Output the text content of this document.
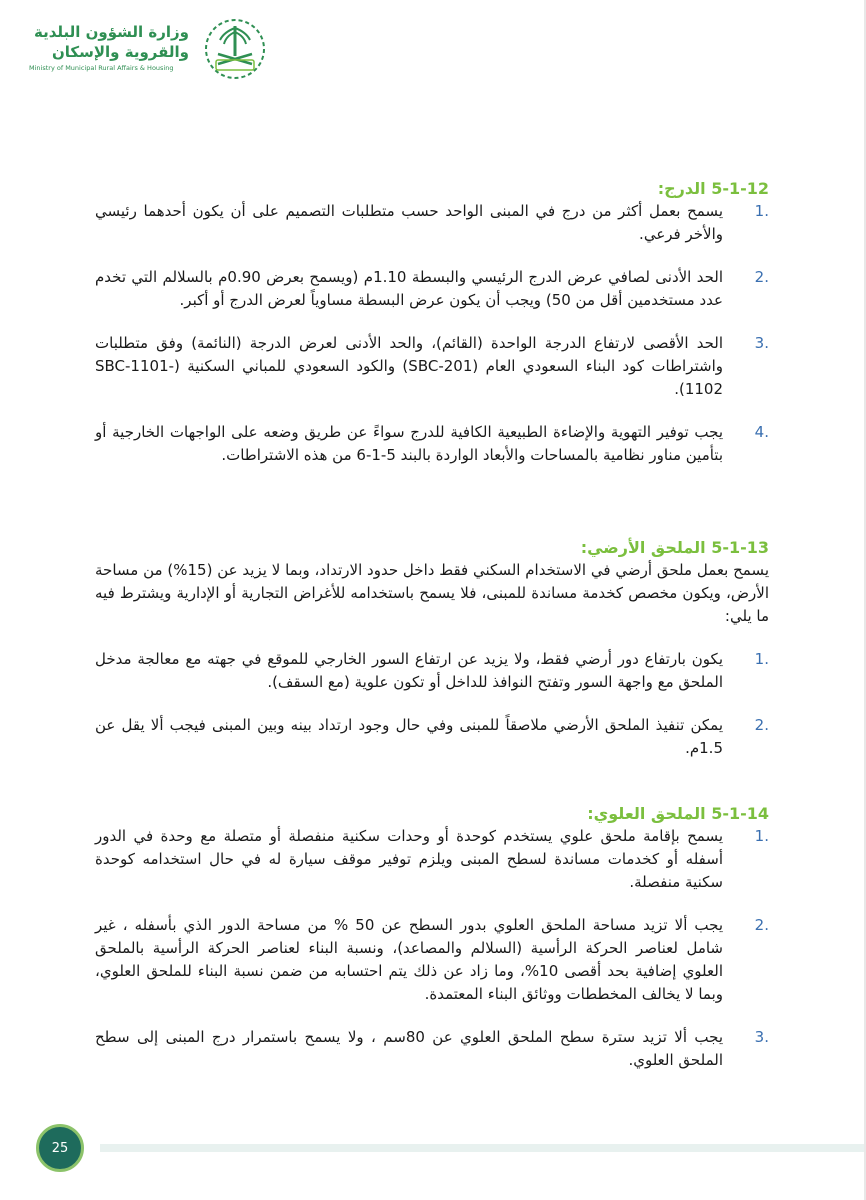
وزارة الشؤون البلدية
والقروية والإسكان
Ministry of Municipal Rural Affairs & Housing
5-1-12 الدرج:
.1
يسمح بعمل أكثر من درج في المبنى الواحد حسب متطلبات التصميم على أن يكون أحدهما رئيسي والأخر فرعي.
.2
الحد الأدنى لصافي عرض الدرج الرئيسي والبسطة 1.10م (ويسمح بعرض 0.90م بالسلالم التي تخدم عدد مستخدمين أقل من 50) ويجب أن يكون عرض البسطة مساوياً لعرض الدرج أو أكبر.
.3
الحد الأقصى لارتفاع الدرجة الواحدة (القائم)، والحد الأدنى لعرض الدرجة (النائمة) وفق متطلبات واشتراطات كود البناء السعودي العام (SBC-201) والكود السعودي للمباني السكنية (SBC-1101-1102).
.4
يجب توفير التهوية والإضاءة الطبيعية الكافية للدرج سواءً عن طريق وضعه على الواجهات الخارجية أو بتأمين مناور نظامية بالمساحات والأبعاد الواردة بالبند 5-1-6 من هذه الاشتراطات.
5-1-13 الملحق الأرضي:
يسمح بعمل ملحق أرضي في الاستخدام السكني فقط داخل حدود الارتداد، وبما لا يزيد عن (15%) من مساحة الأرض، ويكون مخصص كخدمة مساندة للمبنى، فلا يسمح باستخدامه للأغراض التجارية أو الإدارية ويشترط فيه ما يلي:
.1
يكون بارتفاع دور أرضي فقط، ولا يزيد عن ارتفاع السور الخارجي للموقع في جهته مع معالجة مدخل الملحق مع واجهة السور وتفتح النوافذ للداخل أو تكون علوية (مع السقف).
.2
يمكن تنفيذ الملحق الأرضي ملاصقاً للمبنى وفي حال وجود ارتداد بينه وبين المبنى فيجب ألا يقل عن 1.5م.
5-1-14 الملحق العلوي:
.1
يسمح بإقامة ملحق علوي يستخدم كوحدة أو وحدات سكنية منفصلة أو متصلة مع وحدة في الدور أسفله أو كخدمات مساندة لسطح المبنى ويلزم توفير موقف سيارة له في حال استخدامه كوحدة سكنية منفصلة.
.2
يجب ألا تزيد مساحة الملحق العلوي بدور السطح عن 50 % من مساحة الدور الذي بأسفله ، غير شامل لعناصر الحركة الرأسية (السلالم والمصاعد)، ونسبة البناء لعناصر الحركة الرأسية بالملحق العلوي إضافية بحد أقصى 10%، وما زاد عن ذلك يتم احتسابه من ضمن نسبة البناء للملحق العلوي، وبما لا يخالف المخططات ووثائق البناء المعتمدة.
.3
يجب ألا تزيد سترة سطح الملحق العلوي عن 80سم ، ولا يسمح باستمرار درج المبنى إلى سطح الملحق العلوي.
25
